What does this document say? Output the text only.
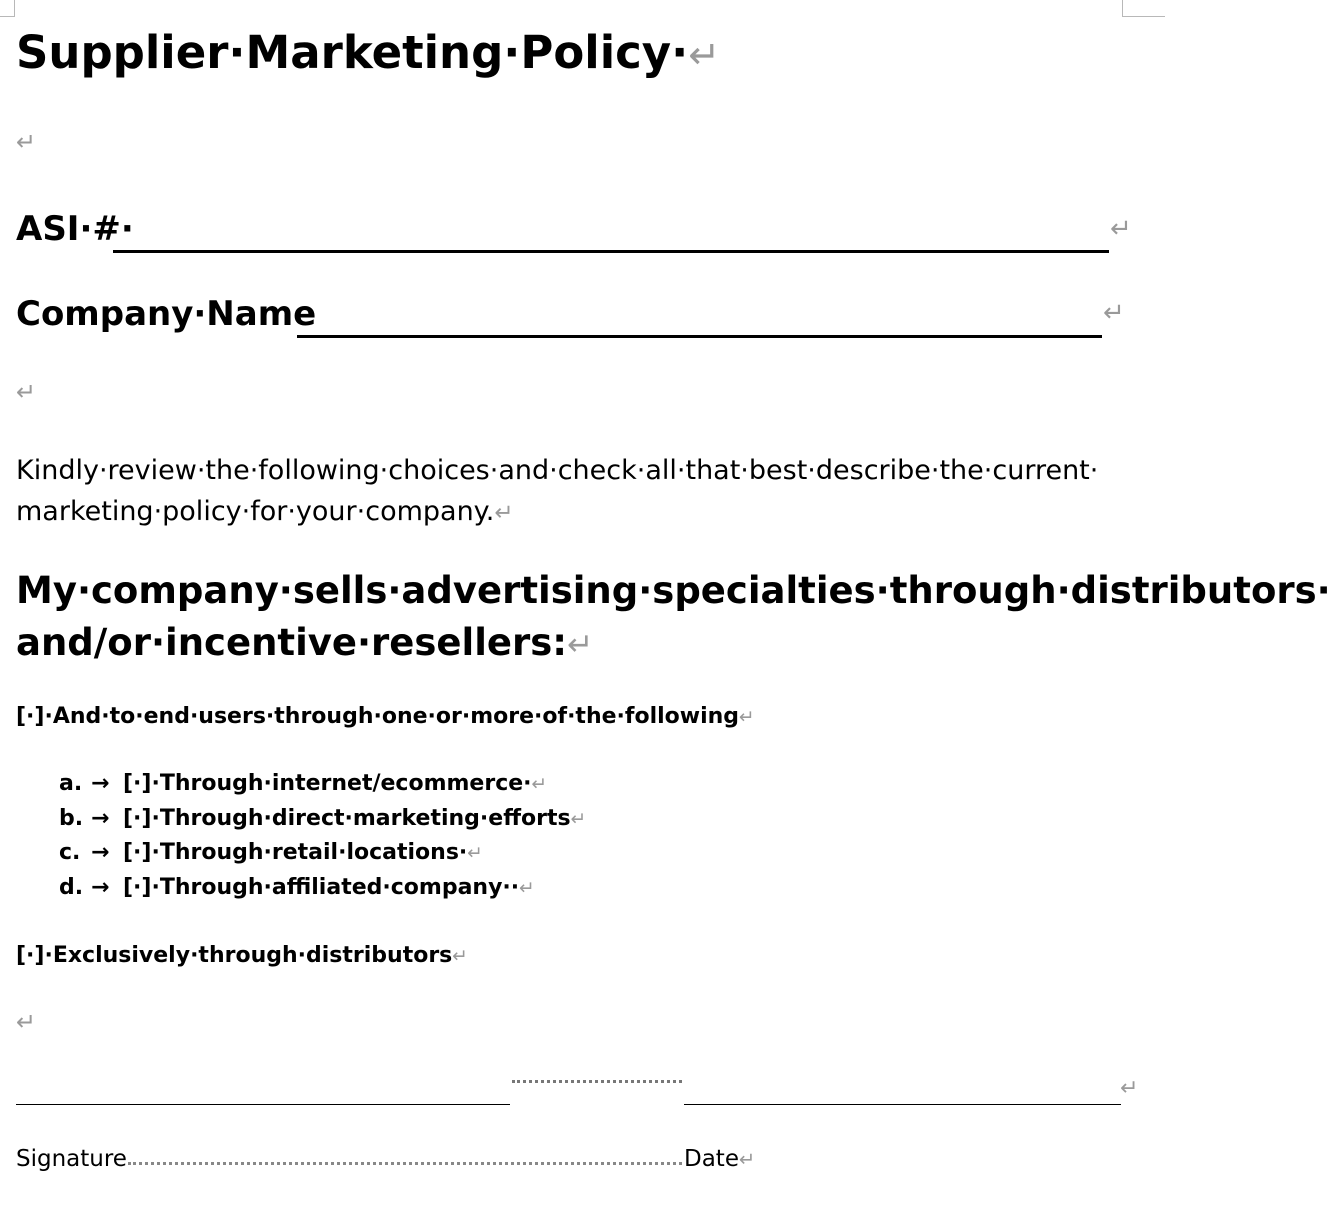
Supplier·Marketing·Policy·↵
↵
ASI·#·	↵
Company·Name	↵
↵
Kindly·review·the·following·choices·and·check·all·that·best·describe·the·current· marketing·policy·for·your·company.↵
My·company·sells·advertising·specialties·through·distributors· and/or·incentive·resellers:↵
[·]·And·to·end·users·through·one·or·more·of·the·following↵
a. → [·]·Through·internet/ecommerce·↵
b. → [·]·Through·direct·marketing·efforts↵
c. → [·]·Through·retail·locations·↵
d. → [·]·Through·affiliated·company··↵
[·]·Exclusively·through·distributors↵
↵
↵
Signature	Date↵
